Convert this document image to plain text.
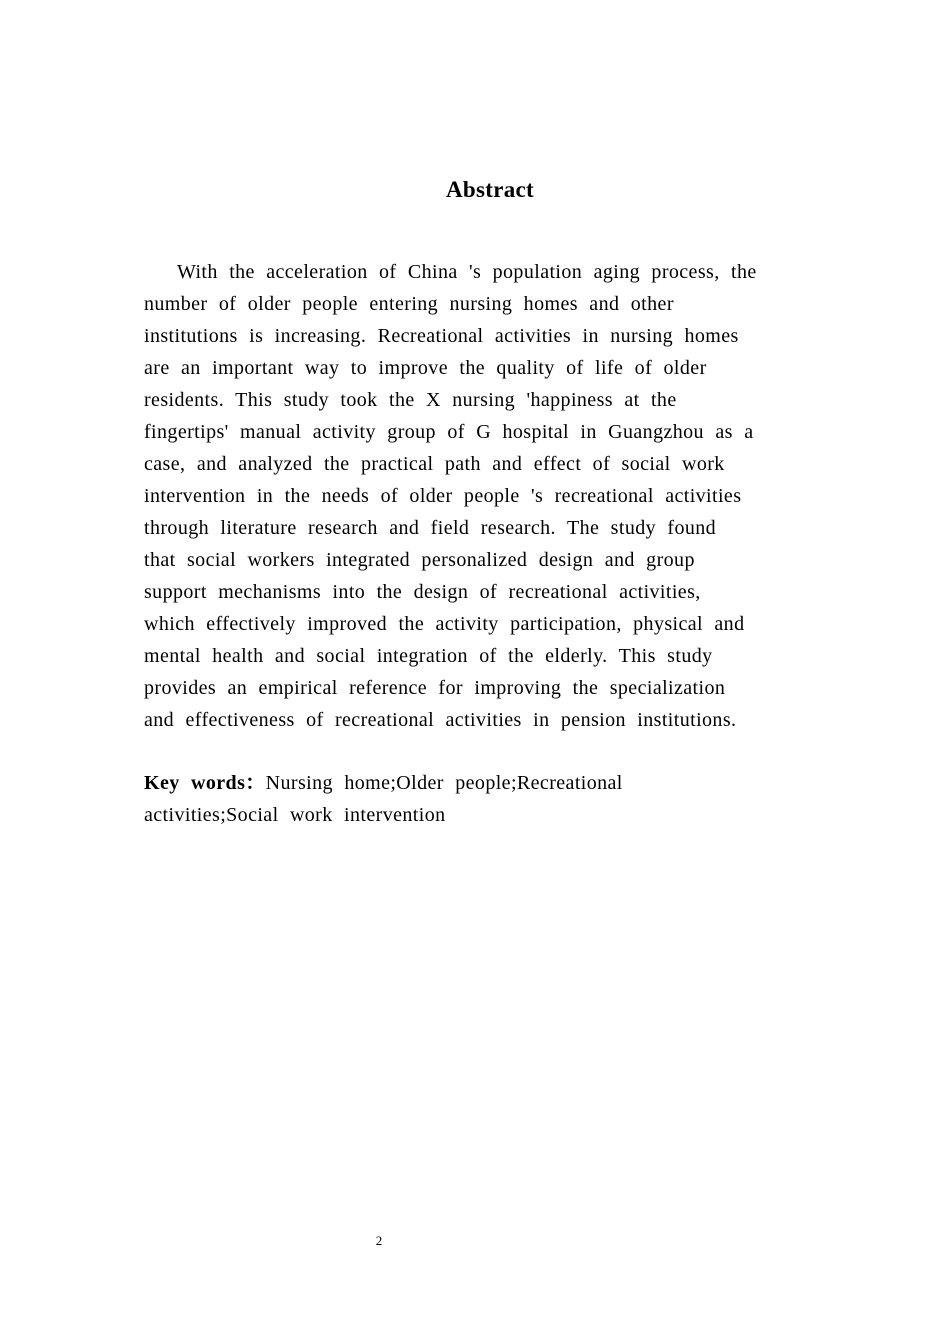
Abstract
With the acceleration of China 's population aging process, the
number of older people entering nursing homes and other
institutions is increasing. Recreational activities in nursing homes
are an important way to improve the quality of life of older
residents. This study took the X nursing 'happiness at the
fingertips' manual activity group of G hospital in Guangzhou as a
case, and analyzed the practical path and effect of social work
intervention in the needs of older people 's recreational activities
through literature research and field research. The study found
that social workers integrated personalized design and group
support mechanisms into the design of recreational activities,
which effectively improved the activity participation, physical and
mental health and social integration of the elderly. This study
provides an empirical reference for improving the specialization
and effectiveness of recreational activities in pension institutions.
Key words：Nursing home;Older people;Recreational
activities;Social work intervention
2
